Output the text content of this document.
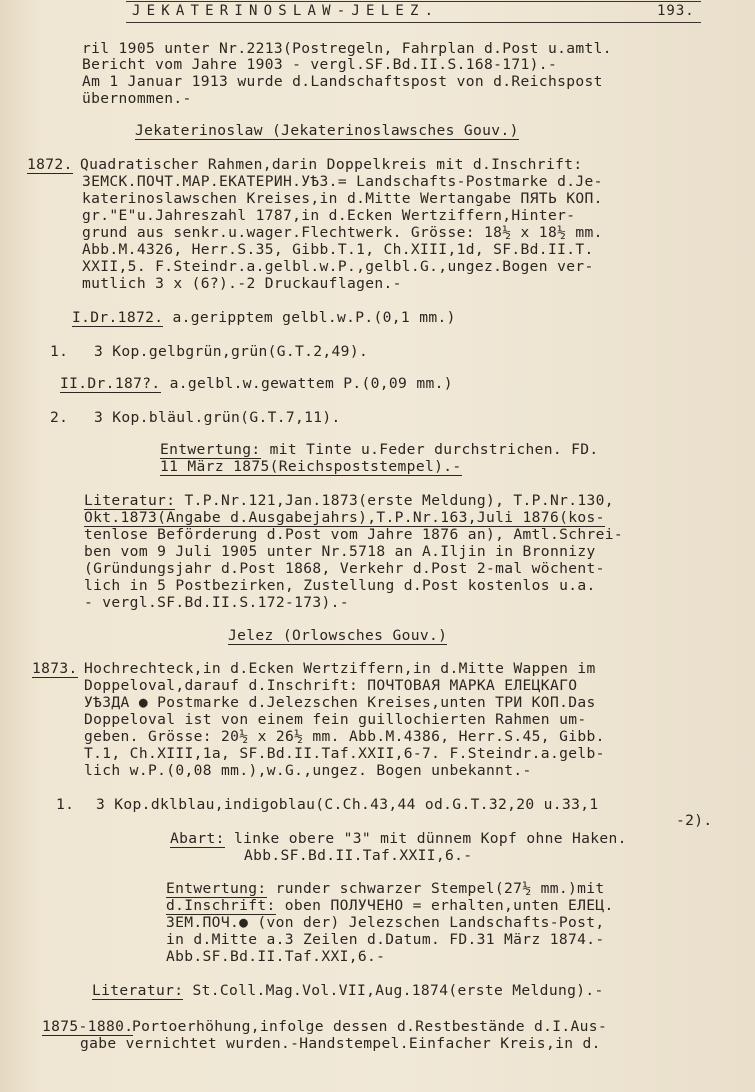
JEKATERINOSLAW-JELEZ.	193.
ril 1905 unter Nr.2213(Postregeln, Fahrplan d.Post u.amtl.
Bericht vom Jahre 1903 - vergl.SF.Bd.II.S.168-171).-
Am 1 Januar 1913 wurde d.Landschaftspost von d.Reichspost
übernommen.-
Jekaterinoslaw (Jekaterinoslawsches Gouv.)
1872. Quadratischer Rahmen,darin Doppelkreis mit d.Inschrift:
ЗЕМСК.ПОЧТ.МАР.ЕКАТЕРИН.УѢЗ.= Landschafts-Postmarke d.Je-
katerinoslawschen Kreises,in d.Mitte Wertangabe ПЯТЬ КОП.
gr."E"u.Jahreszahl 1787,in d.Ecken Wertziffern,Hinter-
grund aus senkr.u.wager.Flechtwerk. Grösse: 18½ x 18½ mm.
Abb.M.4326, Herr.S.35, Gibb.T.1, Ch.XIII,1d, SF.Bd.II.T.
XXII,5. F.Steindr.a.gelbl.w.P.,gelbl.G.,ungez.Bogen ver-
mutlich 3 x (6?).-2 Druckauflagen.-
I.Dr.1872. a.geripptem gelbl.w.P.(0,1 mm.)
1. 3 Kop.gelbgrün,grün(G.T.2,49).
II.Dr.187?. a.gelbl.w.gewattem P.(0,09 mm.)
2. 3 Kop.bläul.grün(G.T.7,11).
Entwertung: mit Tinte u.Feder durchstrichen. FD.
11 März 1875(Reichspoststempel).-
Literatur: T.P.Nr.121,Jan.1873(erste Meldung), T.P.Nr.130,
Okt.1873(Angabe d.Ausgabejahrs),T.P.Nr.163,Juli 1876(kos-
tenlose Beförderung d.Post vom Jahre 1876 an), Amtl.Schrei-
ben vom 9 Juli 1905 unter Nr.5718 an A.Iljin in Bronnizy
(Gründungsjahr d.Post 1868, Verkehr d.Post 2-mal wöchent-
lich in 5 Postbezirken, Zustellung d.Post kostenlos u.a.
- vergl.SF.Bd.II.S.172-173).-
Jelez (Orlowsches Gouv.)
1873. Hochrechteck,in d.Ecken Wertziffern,in d.Mitte Wappen im
Doppeloval,darauf d.Inschrift: ПОЧТОВАЯ МАРКА ЕЛЕЦКАГО
УѢЗДА ● Postmarke d.Jelezschen Kreises,unten ТРИ КОП.Das
Doppeloval ist von einem fein guillochierten Rahmen um-
geben. Grösse: 20½ x 26½ mm. Abb.M.4386, Herr.S.45, Gibb.
T.1, Ch.XIII,1a, SF.Bd.II.Taf.XXII,6-7. F.Steindr.a.gelb-
lich w.P.(0,08 mm.),w.G.,ungez. Bogen unbekannt.-
1. 3 Kop.dklblau,indigoblau(C.Ch.43,44 od.G.T.32,20 u.33,1
-2).
Abart: linke obere "3" mit dünnem Kopf ohne Haken.
Abb.SF.Bd.II.Taf.XXII,6.-
Entwertung: runder schwarzer Stempel(27½ mm.)mit
d.Inschrift: oben ПОЛУЧЕНО = erhalten,unten ЕЛЕЦ.
ЗЕМ.ПОЧ.● (von der) Jelezschen Landschafts-Post,
in d.Mitte a.3 Zeilen d.Datum. FD.31 März 1874.-
Abb.SF.Bd.II.Taf.XXI,6.-
Literatur: St.Coll.Mag.Vol.VII,Aug.1874(erste Meldung).-
1875-1880.
Portoerhöhung,infolge dessen d.Restbestände d.I.Aus-
gabe vernichtet wurden.-Handstempel.Einfacher Kreis,in d.
